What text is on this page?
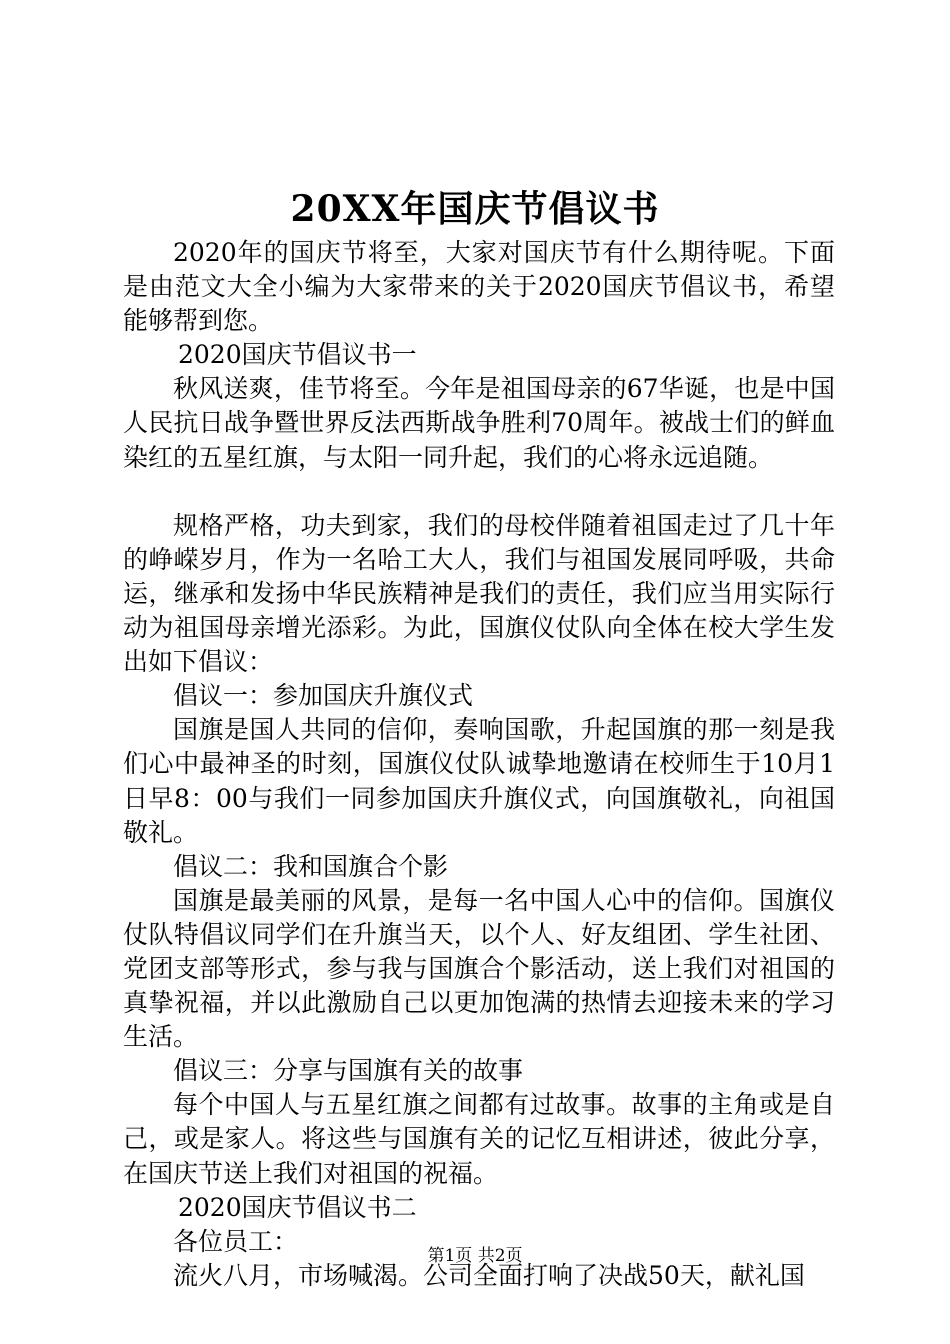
20XX年国庆节倡议书

2020年的国庆节将至，大家对国庆节有什么期待呢。下面是由范文大全小编为大家带来的关于2020国庆节倡议书，希望能够帮到您。

2020国庆节倡议书一

秋风送爽，佳节将至。今年是祖国母亲的67华诞，也是中国人民抗日战争暨世界反法西斯战争胜利70周年。被战士们的鲜血染红的五星红旗，与太阳一同升起，我们的心将永远追随。

规格严格，功夫到家，我们的母校伴随着祖国走过了几十年的峥嵘岁月，作为一名哈工大人，我们与祖国发展同呼吸，共命运，继承和发扬中华民族精神是我们的责任，我们应当用实际行动为祖国母亲增光添彩。为此，国旗仪仗队向全体在校大学生发出如下倡议：

倡议一：参加国庆升旗仪式

国旗是国人共同的信仰，奏响国歌，升起国旗的那一刻是我们心中最神圣的时刻，国旗仪仗队诚挚地邀请在校师生于10月1日早8：00与我们一同参加国庆升旗仪式，向国旗敬礼，向祖国敬礼。

倡议二：我和国旗合个影

国旗是最美丽的风景，是每一名中国人心中的信仰。国旗仪仗队特倡议同学们在升旗当天，以个人、好友组团、学生社团、党团支部等形式，参与我与国旗合个影活动，送上我们对祖国的真挚祝福，并以此激励自己以更加饱满的热情去迎接未来的学习生活。

倡议三：分享与国旗有关的故事

每个中国人与五星红旗之间都有过故事。故事的主角或是自己，或是家人。将这些与国旗有关的记忆互相讲述，彼此分享，在国庆节送上我们对祖国的祝福。

2020国庆节倡议书二

各位员工：

流火八月，市场喊渴。公司全面打响了决战50天，献礼国

第1页 共2页
